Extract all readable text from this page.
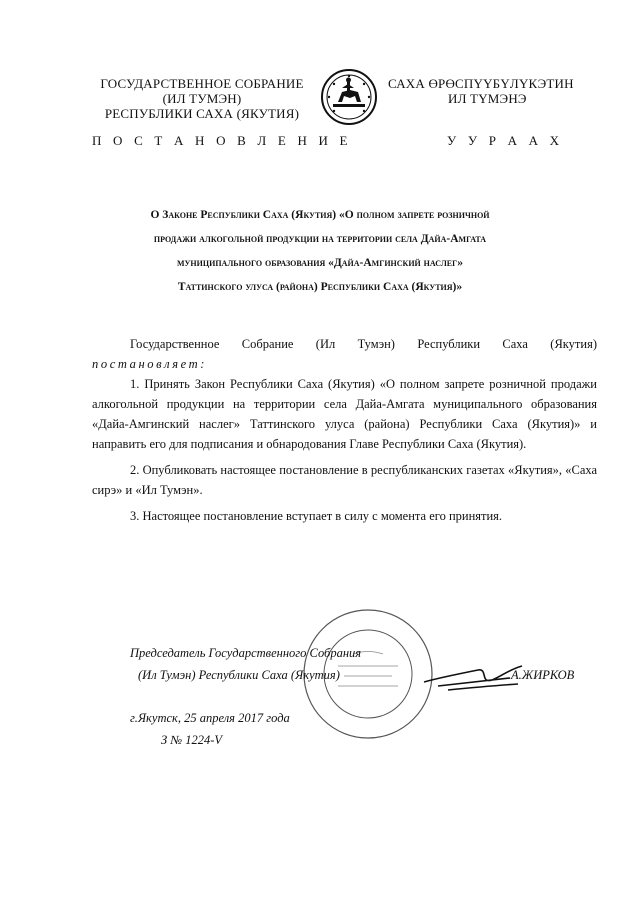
ГОСУДАРСТВЕННОЕ СОБРАНИЕ
(ИЛ ТУМЭН)
РЕСПУБЛИКИ САХА (ЯКУТИЯ)
П О С Т А Н О В Л Е Н И Е
САХА ӨРӨСПҮҮБҮЛҮКЭТИН
ИЛ ТҮМЭНЭ
У У Р А А Х
О Законе Республики Саха (Якутия) «О полном запрете розничной
продажи алкогольной продукции на территории села Дайа-Амгата
муниципального образования «Дайа-Амгинский наслег»
Таттинского улуса (района) Республики Саха (Якутия)»
Государственное Собрание (Ил Тумэн) Республики Саха (Якутия)
постановляет:
1. Принять Закон Республики Саха (Якутия) «О полном запрете розничной продажи алкогольной продукции на территории села Дайа-Амгата муниципального образования «Дайа-Амгинский наслег» Таттинского улуса (района) Республики Саха (Якутия)» и направить его для подписания и обнародования Главе Республики Саха (Якутия).
2. Опубликовать настоящее постановление в республиканских газетах «Якутия», «Саха сирэ» и «Ил Тумэн».
3. Настоящее постановление вступает в силу с момента его принятия.
Председатель Государственного Собрания
(Ил Тумэн) Республики Саха (Якутия)	А.ЖИРКОВ
г.Якутск, 25 апреля 2017 года
З № 1224-V
